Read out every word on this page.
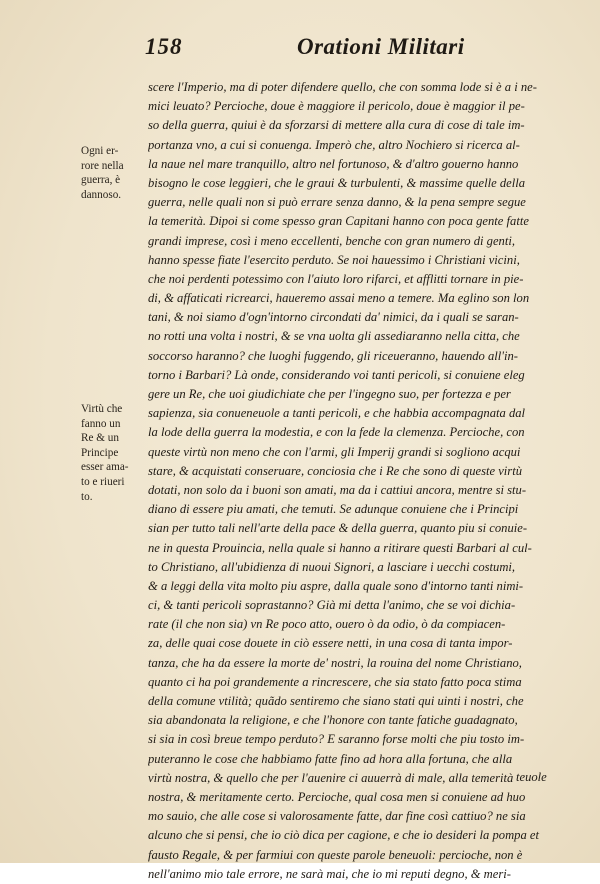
158	Orationi Militari
Ogni er-
rore nella
guerra, è
dannoso.
Virtù che
fanno un
Re & un
Principe
esser ama-
to e riueri
to.
scere l'Imperio, ma di poter difendere quello, che con somma lode si è a i ne-
mici leuato? Percioche, doue è maggiore il pericolo, doue è maggior il pe-
so della guerra, quiui è da sforzarsi di mettere alla cura di cose di tale im-
portanza vno, a cui si conuenga. Imperò che, altro Nochiero si ricerca al-
la naue nel mare tranquillo, altro nel fortunoso, & d'altro gouerno hanno
bisogno le cose leggieri, che le graui & turbulenti, & massime quelle della
guerra, nelle quali non si può errare senza danno, & la pena sempre segue
la temerità. Dipoi si come spesso gran Capitani hanno con poca gente fatte
grandi imprese, così i meno eccellenti, benche con gran numero di genti,
hanno spesse fiate l'esercito perduto. Se noi hauessimo i Christiani vicini,
che noi perdenti potessimo con l'aiuto loro rifarci, et afflitti tornare in pie-
di, & affaticati ricrearci, haueremo assai meno a temere. Ma eglino son lon
tani, & noi siamo d'ogn'intorno circondati da' nimici, da i quali se saran-
no rotti una volta i nostri, & se vna uolta gli assediaranno nella citta, che
soccorso haranno? che luoghi fuggendo, gli riceueranno, hauendo all'in-
torno i Barbari? Là onde, considerando voi tanti pericoli, si conuiene eleg
gere un Re, che uoi giudichiate che per l'ingegno suo, per fortezza e per
sapienza, sia conueneuole a tanti pericoli, e che habbia accompagnata dal
la lode della guerra la modestia, e con la fede la clemenza. Percioche, con
queste virtù non meno che con l'armi, gli Imperij grandi si sogliono acqui
stare, & acquistati conseruare, conciosia che i Re che sono di queste virtù
dotati, non solo da i buoni son amati, ma da i cattiui ancora, mentre si stu-
diano di essere piu amati, che temuti. Se adunque conuiene che i Principi
sian per tutto tali nell'arte della pace & della guerra, quanto piu si conuie-
ne in questa Prouincia, nella quale si hanno a ritirare questi Barbari al cul-
to Christiano, all'ubidienza di nuoui Signori, a lasciare i uecchi costumi,
& a leggi della vita molto piu aspre, dalla quale sono d'intorno tanti nimi-
ci, & tanti pericoli soprastanno? Già mi detta l'animo, che se voi dichia-
rate (il che non sia) vn Re poco atto, ouero ò da odio, ò da compiacen-
za, delle quai cose douete in ciò essere netti, in una cosa di tanta impor-
tanza, che ha da essere la morte de' nostri, la rouina del nome Christiano,
quanto ci ha poi grandemente a rincrescere, che sia stato fatto poca stima
della comune vtilità; quãdo sentiremo che siano stati qui uinti i nostri, che
sia abandonata la religione, e che l'honore con tante fatiche guadagnato,
si sia in così breue tempo perduto? E saranno forse molti che piu tosto im-
puteranno le cose che habbiamo fatte fino ad hora alla fortuna, che alla
virtù nostra, & quello che per l'auenire ci auuerrà di male, alla temerità
nostra, & meritamente certo. Percioche, qual cosa men si conuiene ad huo
mo sauio, che alle cose si valorosamente fatte, dar fine così cattiuo? ne sia
alcuno che si pensi, che io ciò dica per cagione, e che io desideri la pompa et
fausto Regale, & per farmiui con queste parole beneuoli: percioche, non è
nell'animo mio tale errore, ne sarà mai, che io mi reputi degno, & meri-
teuole
